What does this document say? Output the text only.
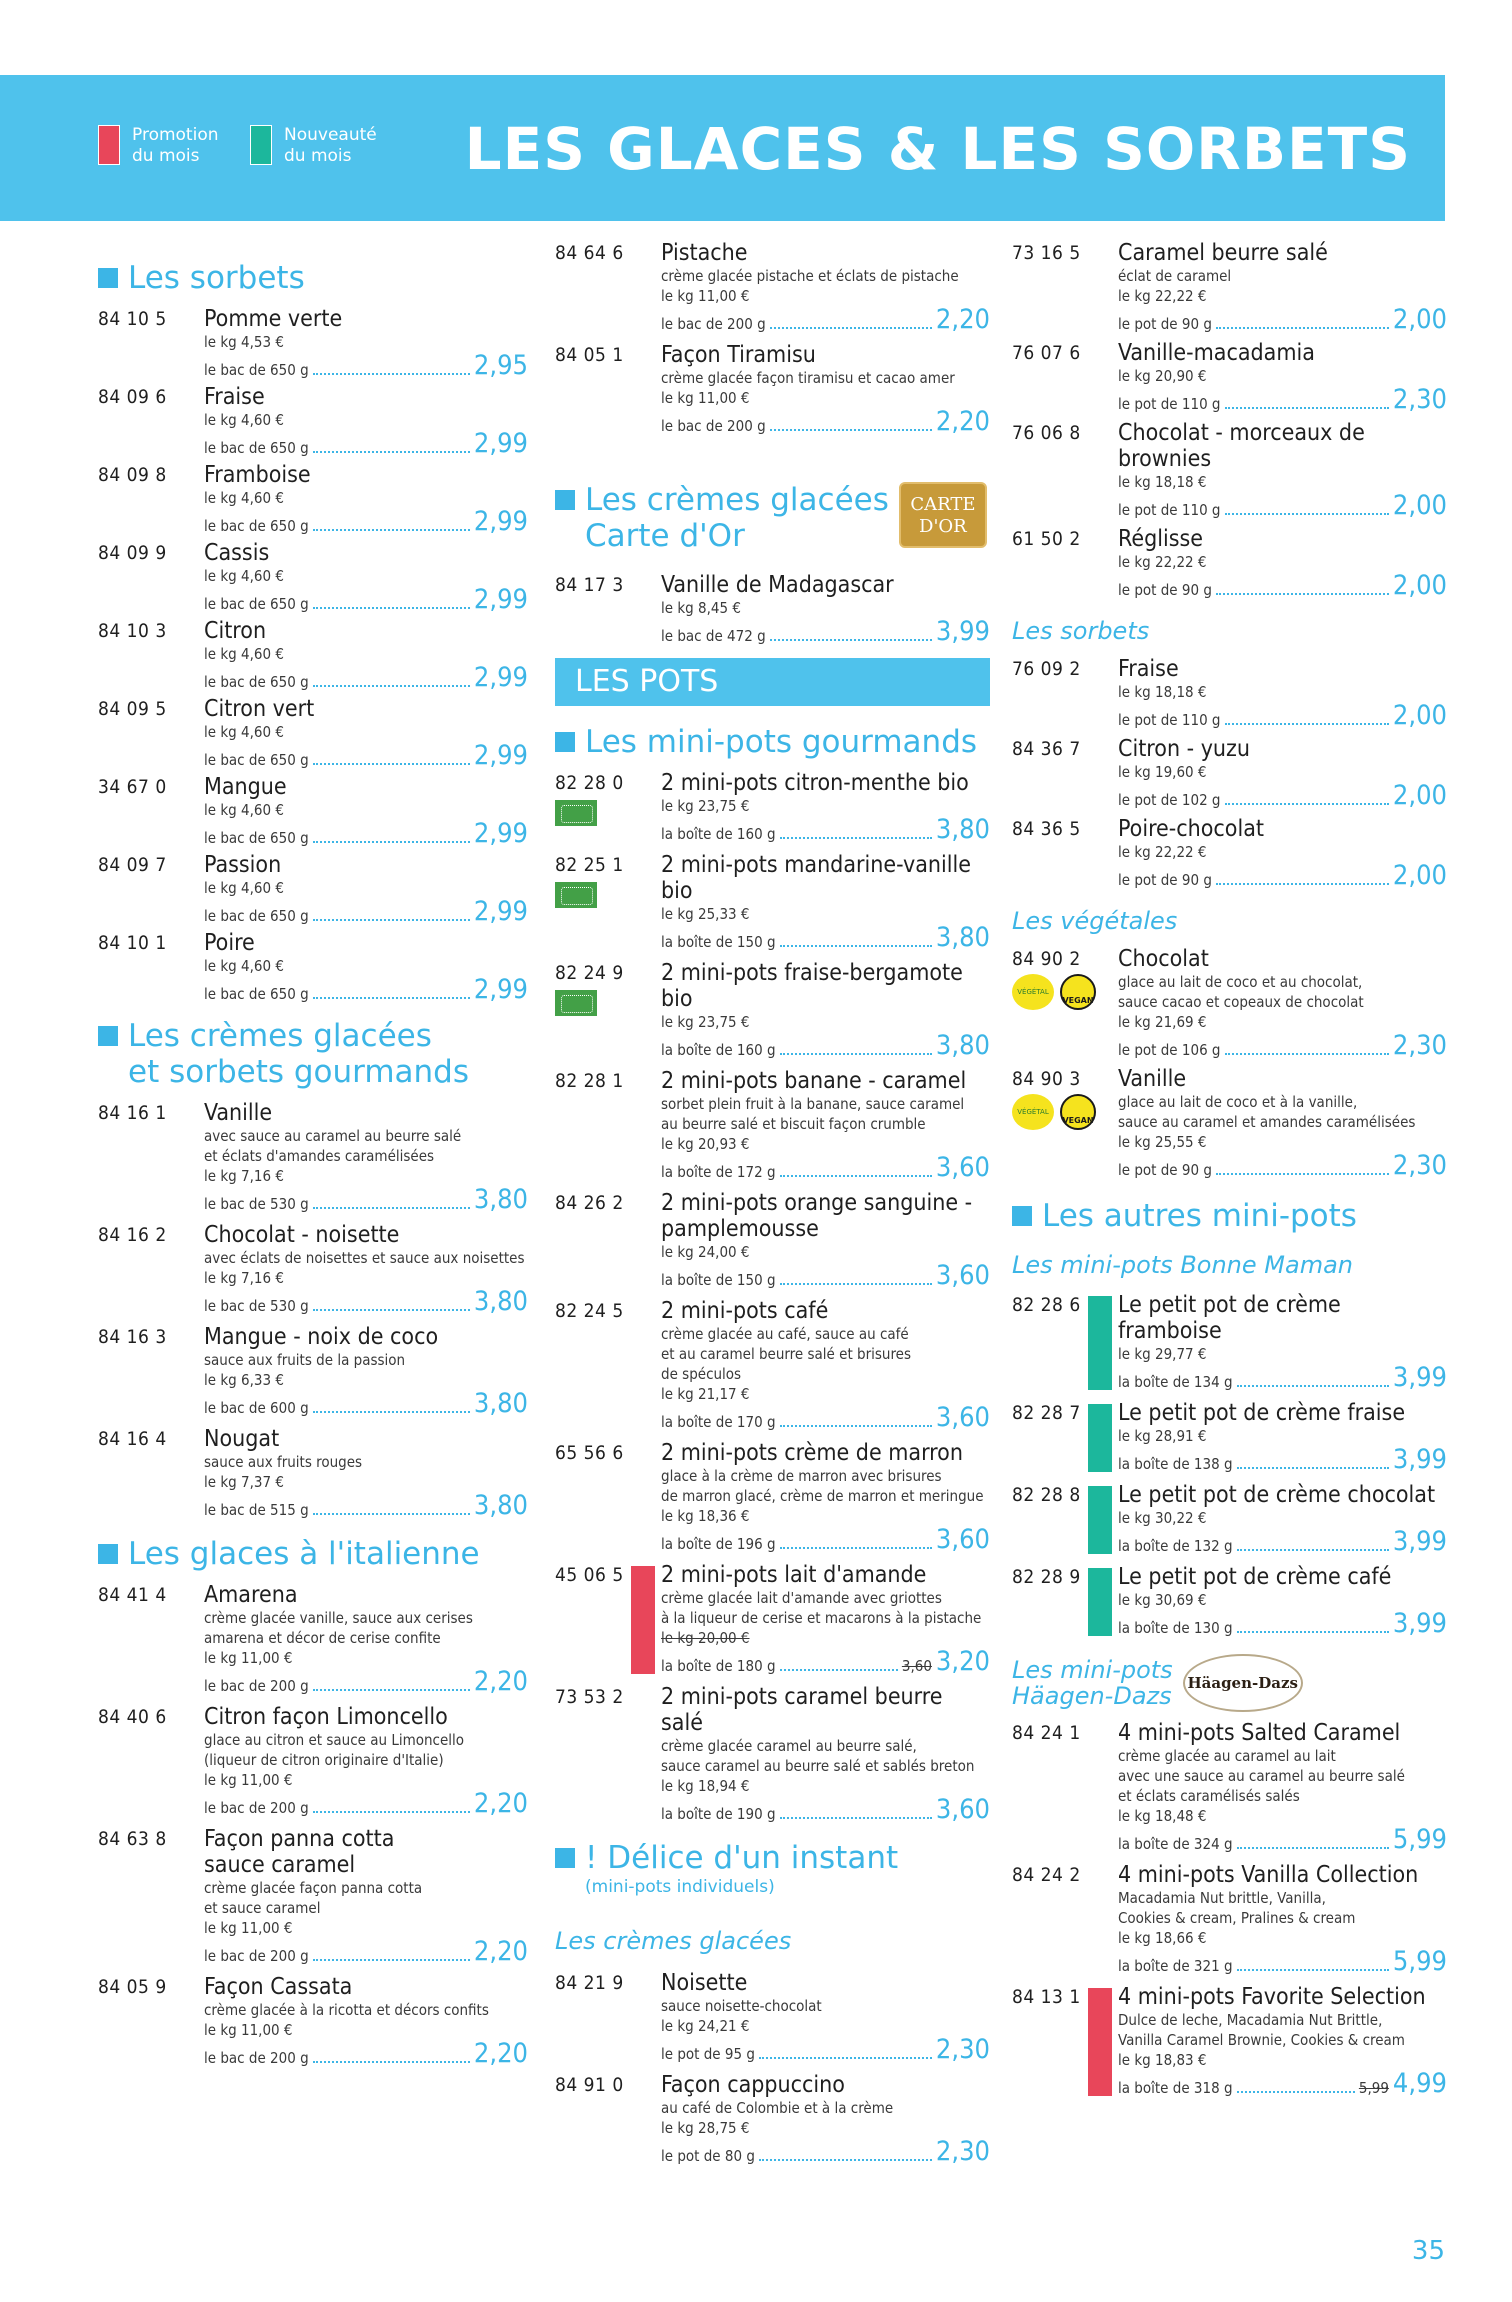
Promotion
du mois
Nouveauté
du mois	LES GLACES & LES SORBETS
Les sorbets
84 10 5	Pomme verte
le kg 4,53 €
le bac de 650 g	2,95
84 09 6	Fraise
le kg 4,60 €
le bac de 650 g	2,99
84 09 8	Framboise
le kg 4,60 €
le bac de 650 g	2,99
84 09 9	Cassis
le kg 4,60 €
le bac de 650 g	2,99
84 10 3	Citron
le kg 4,60 €
le bac de 650 g	2,99
84 09 5	Citron vert
le kg 4,60 €
le bac de 650 g	2,99
34 67 0	Mangue
le kg 4,60 €
le bac de 650 g	2,99
84 09 7	Passion
le kg 4,60 €
le bac de 650 g	2,99
84 10 1	Poire
le kg 4,60 €
le bac de 650 g	2,99
Les crèmes glacées
et sorbets gourmands
84 16 1	Vanille
avec sauce au caramel au beurre salé
et éclats d'amandes caramélisées
le kg 7,16 €
le bac de 530 g	3,80
84 16 2	Chocolat - noisette
avec éclats de noisettes et sauce aux noisettes
le kg 7,16 €
le bac de 530 g	3,80
84 16 3	Mangue - noix de coco
sauce aux fruits de la passion
le kg 6,33 €
le bac de 600 g	3,80
84 16 4	Nougat
sauce aux fruits rouges
le kg 7,37 €
le bac de 515 g	3,80
Les glaces à l'italienne
84 41 4	Amarena
crème glacée vanille, sauce aux cerises
amarena et décor de cerise confite
le kg 11,00 €
le bac de 200 g	2,20
84 40 6	Citron façon Limoncello
glace au citron et sauce au Limoncello
(liqueur de citron originaire d'Italie)
le kg 11,00 €
le bac de 200 g	2,20
84 63 8	Façon panna cotta
sauce caramel
crème glacée façon panna cotta
et sauce caramel
le kg 11,00 €
le bac de 200 g	2,20
84 05 9	Façon Cassata
crème glacée à la ricotta et décors confits
le kg 11,00 €
le bac de 200 g	2,20
84 64 6	Pistache
crème glacée pistache et éclats de pistache
le kg 11,00 €
le bac de 200 g	2,20
84 05 1	Façon Tiramisu
crème glacée façon tiramisu et cacao amer
le kg 11,00 €
le bac de 200 g	2,20
Les crèmes glacées
Carte d'Or
CARTE
D'OR
84 17 3	Vanille de Madagascar
le kg 8,45 €
le bac de 472 g	3,99
LES POTS
Les mini-pots gourmands
82 28 0	2 mini-pots citron-menthe bio
le kg 23,75 €
la boîte de 160 g	3,80
82 25 1	2 mini-pots mandarine-vanille
bio
le kg 25,33 €
la boîte de 150 g	3,80
82 24 9	2 mini-pots fraise-bergamote
bio
le kg 23,75 €
la boîte de 160 g	3,80
82 28 1	2 mini-pots banane - caramel
sorbet plein fruit à la banane, sauce caramel
au beurre salé et biscuit façon crumble
le kg 20,93 €
la boîte de 172 g	3,60
84 26 2	2 mini-pots orange sanguine -
pamplemousse
le kg 24,00 €
la boîte de 150 g	3,60
82 24 5	2 mini-pots café
crème glacée au café, sauce au café
et au caramel beurre salé et brisures
de spéculos
le kg 21,17 €
la boîte de 170 g	3,60
65 56 6	2 mini-pots crème de marron
glace à la crème de marron avec brisures
de marron glacé, crème de marron et meringue
le kg 18,36 €
la boîte de 196 g	3,60
45 06 5	2 mini-pots lait d'amande
crème glacée lait d'amande avec griottes
à la liqueur de cerise et macarons à la pistache
le kg 20,00 €
la boîte de 180 g	3,60 3,20
73 53 2	2 mini-pots caramel beurre salé
crème glacée caramel au beurre salé,
sauce caramel au beurre salé et sablés breton
le kg 18,94 €
la boîte de 190 g	3,60
! Délice d'un instant
(mini-pots individuels)
Les crèmes glacées
84 21 9	Noisette
sauce noisette-chocolat
le kg 24,21 €
le pot de 95 g	2,30
84 91 0	Façon cappuccino
au café de Colombie et à la crème
le kg 28,75 €
le pot de 80 g	2,30
73 16 5	Caramel beurre salé
éclat de caramel
le kg 22,22 €
le pot de 90 g	2,00
76 07 6	Vanille-macadamia
le kg 20,90 €
le pot de 110 g	2,30
76 06 8	Chocolat - morceaux de brownies
le kg 18,18 €
le pot de 110 g	2,00
61 50 2	Réglisse
le kg 22,22 €
le pot de 90 g	2,00
Les sorbets
76 09 2	Fraise
le kg 18,18 €
le pot de 110 g	2,00
84 36 7	Citron - yuzu
le kg 19,60 €
le pot de 102 g	2,00
84 36 5	Poire-chocolat
le kg 22,22 €
le pot de 90 g	2,00
Les végétales
84 90 2
VÉGÉTAL
VEGAN
Chocolat
glace au lait de coco et au chocolat,
sauce cacao et copeaux de chocolat
le kg 21,69 €
le pot de 106 g	2,30
84 90 3
VÉGÉTAL
VEGAN
Vanille
glace au lait de coco et à la vanille,
sauce au caramel et amandes caramélisées
le kg 25,55 €
le pot de 90 g	2,30
Les autres mini-pots
Les mini-pots Bonne Maman
82 28 6	Le petit pot de crème framboise
le kg 29,77 €
la boîte de 134 g	3,99
82 28 7	Le petit pot de crème fraise
le kg 28,91 €
la boîte de 138 g	3,99
82 28 8	Le petit pot de crème chocolat
le kg 30,22 €
la boîte de 132 g	3,99
82 28 9	Le petit pot de crème café
le kg 30,69 €
la boîte de 130 g	3,99
Les mini-pots
Häagen-Dazs	Häagen-Dazs
84 24 1	4 mini-pots Salted Caramel
crème glacée au caramel au lait
avec une sauce au caramel au beurre salé
et éclats caramélisés salés
le kg 18,48 €
la boîte de 324 g	5,99
84 24 2	4 mini-pots Vanilla Collection
Macadamia Nut brittle, Vanilla,
Cookies & cream, Pralines & cream
le kg 18,66 €
la boîte de 321 g	5,99
84 13 1	4 mini-pots Favorite Selection
Dulce de leche, Macadamia Nut Brittle,
Vanilla Caramel Brownie, Cookies & cream
le kg 18,83 €
la boîte de 318 g	5,99 4,99
35
